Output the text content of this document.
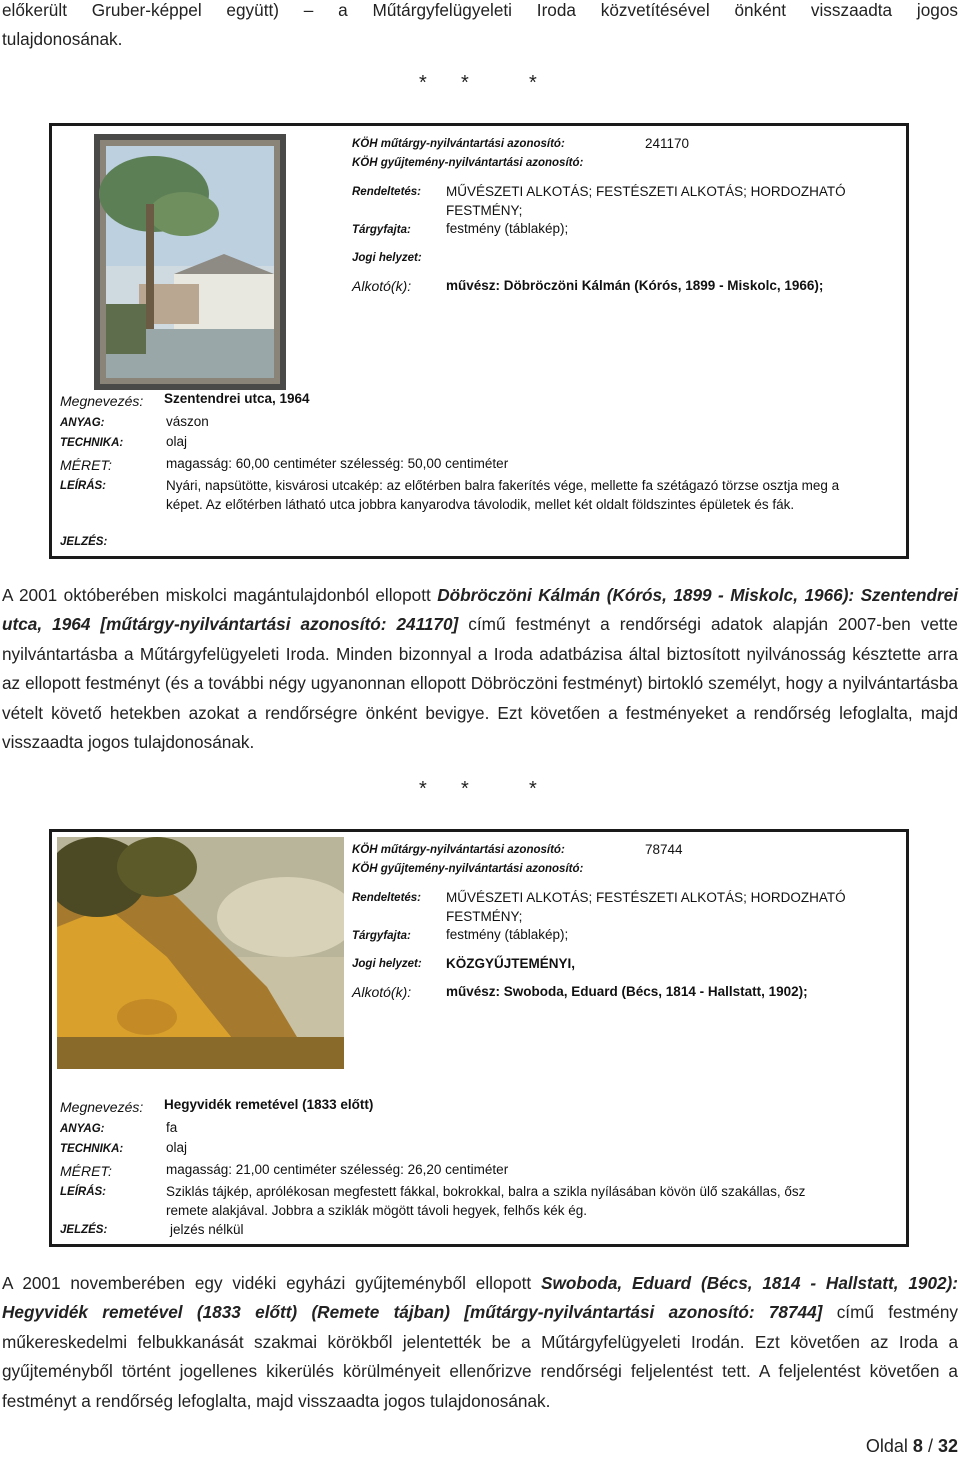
előkerült Gruber-képpel együtt) – a Műtárgyfelügyeleti Iroda közvetítésével önként visszaadta jogos
tulajdonosának.
* *	*
KÖH műtárgy-nyilvántartási azonosító:	241170
KÖH gyűjtemény-nyilvántartási azonosító:
Rendeltetés: MŰVÉSZETI ALKOTÁS; FESTÉSZETI ALKOTÁS; HORDOZHATÓ FESTMÉNY;
Tárgyfajta:	festmény (táblakép);
Jogi helyzet:
Alkotó(k):	művész: Döbröczöni Kálmán (Kórós, 1899 - Miskolc, 1966);
Megnevezés: Szentendrei utca, 1964
ANYAG:	vászon
TECHNIKA:	olaj
MÉRET:	magasság: 60,00 centiméter szélesség: 50,00 centiméter
LEÍRÁS:	Nyári, napsütötte, kisvárosi utcakép: az előtérben balra fakerítés vége, mellette fa szétágazó törzse osztja meg a képet. Az előtérben látható utca jobbra kanyarodva távolodik, mellet két oldalt földszintes épületek és fák.
JELZÉS:
A 2001 októberében miskolci magántulajdonból ellopott Döbröczöni Kálmán (Kórós, 1899 - Miskolc, 1966): Szentendrei utca, 1964 [műtárgy-nyilvántartási azonosító: 241170] című festményt a rendőrségi adatok alapján 2007-ben vette nyilvántartásba a Műtárgyfelügyeleti Iroda. Minden bizonnyal a Iroda adatbázisa által biztosított nyilvánosság késztette arra az ellopott festményt (és a további négy ugyanonnan ellopott Döbröczöni festményt) birtokló személyt, hogy a nyilvántartásba vételt követő hetekben azokat a rendőrségre önként bevigye. Ezt követően a festményeket a rendőrség lefoglalta, majd visszaadta jogos tulajdonosának.
* *	*
KÖH műtárgy-nyilvántartási azonosító:	78744
KÖH gyűjtemény-nyilvántartási azonosító:
Rendeltetés: MŰVÉSZETI ALKOTÁS; FESTÉSZETI ALKOTÁS; HORDOZHATÓ FESTMÉNY;
Tárgyfajta:	festmény (táblakép);
Jogi helyzet: KÖZGYŰJTEMÉNYI,
Alkotó(k):	művész: Swoboda, Eduard (Bécs, 1814 - Hallstatt, 1902);
Megnevezés: Hegyvidék remetével (1833 előtt)
ANYAG:	fa
TECHNIKA:	olaj
MÉRET:	magasság: 21,00 centiméter szélesség: 26,20 centiméter
LEÍRÁS:	Sziklás tájkép, aprólékosan megfestett fákkal, bokrokkal, balra a szikla nyílásában kövön ülő szakállas, ősz remete alakjával. Jobbra a sziklák mögött távoli hegyek, felhős kék ég.
JELZÉS:	jelzés nélkül
A 2001 novemberében egy vidéki egyházi gyűjteményből ellopott Swoboda, Eduard (Bécs, 1814 - Hallstatt, 1902): Hegyvidék remetével (1833 előtt) (Remete tájban) [műtárgy-nyilvántartási azonosító: 78744] című festmény műkereskedelmi felbukkanását szakmai körökből jelentették be a Műtárgyfelügyeleti Irodán. Ezt követően az Iroda a gyűjteményből történt jogellenes kikerülés körülményeit ellenőrizve rendőrségi feljelentést tett. A feljelentést követően a festményt a rendőrség lefoglalta, majd visszaadta jogos tulajdonosának.
Oldal 8 / 32
